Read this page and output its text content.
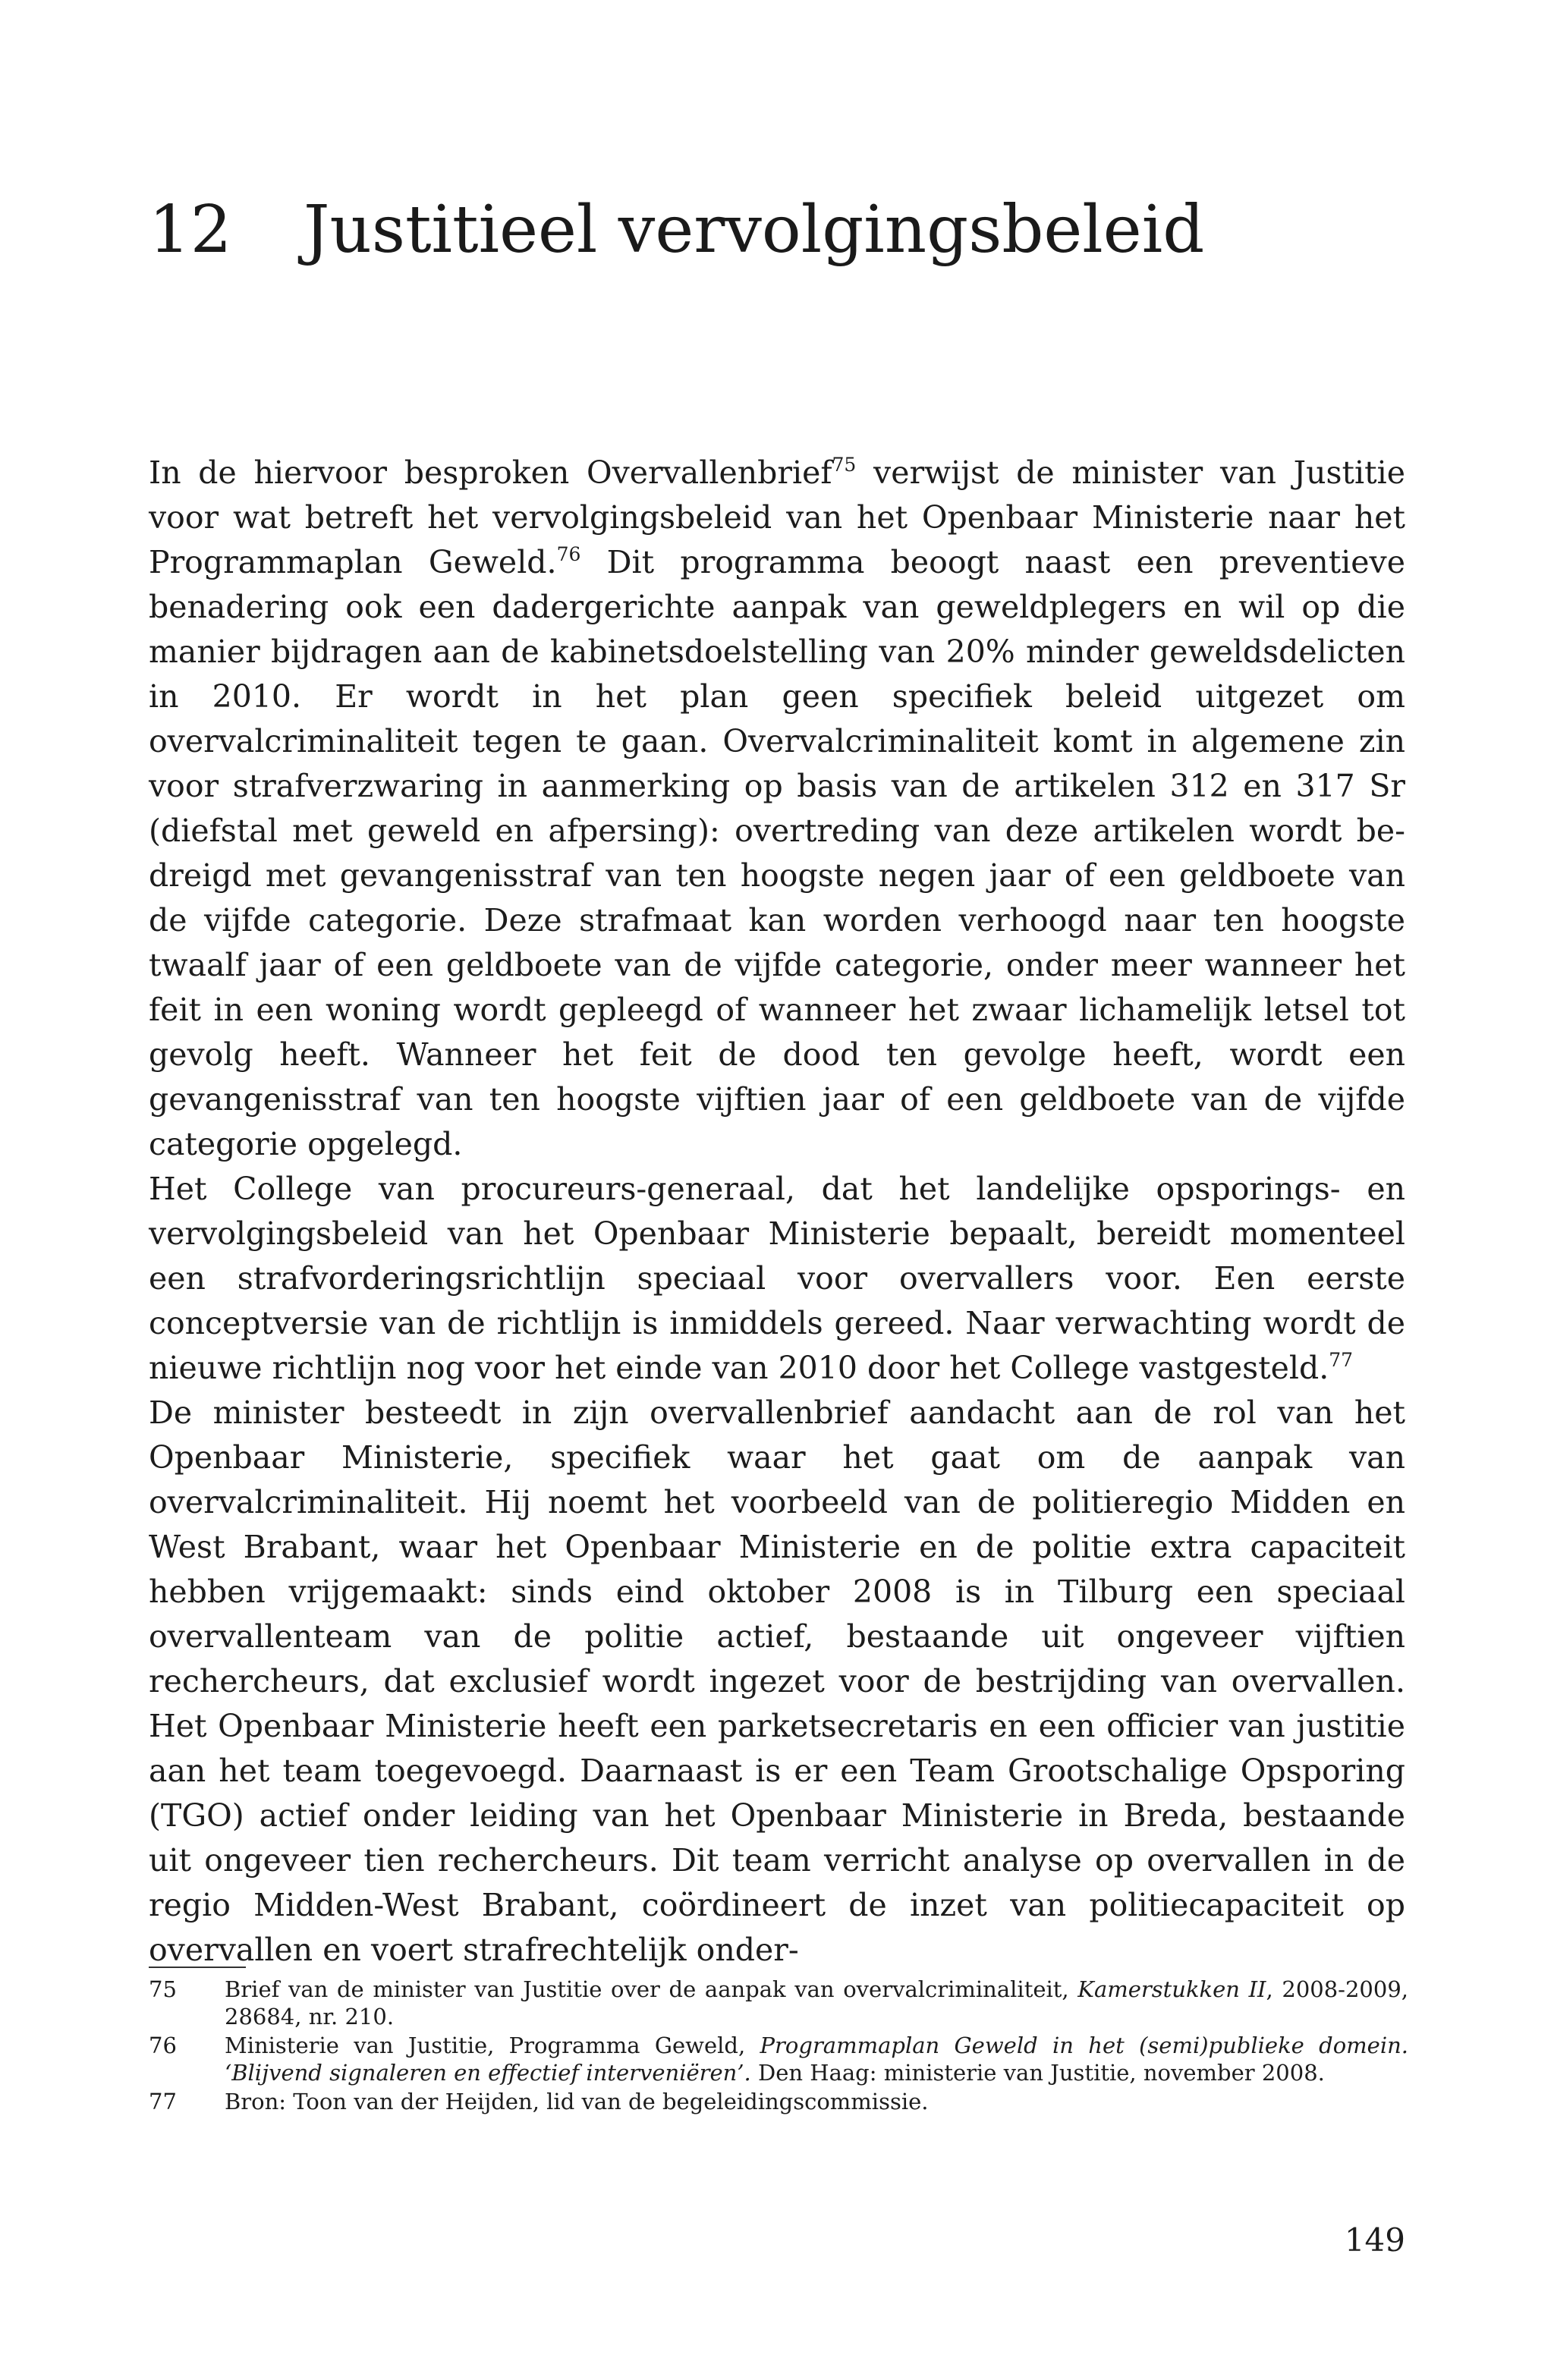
12 Justitieel vervolgingsbeleid

In de hiervoor besproken Overvallenbrief$^{75}$ verwijst de minister van Justitie voor wat betreft het vervolgingsbeleid van het Openbaar Ministerie naar het Programmaplan Geweld.$^{76}$ Dit programma beoogt naast een preventieve benadering ook een dadergerichte aanpak van geweldplegers en wil op die manier bijdragen aan de kabinetsdoelstelling van 20% minder geweldsdelicten in 2010. Er wordt in het plan geen specifiek beleid uitgezet om overvalcriminaliteit tegen te gaan. Overvalcriminaliteit komt in algemene zin voor strafverzwaring in aanmerking op basis van de artikelen 312 en 317 Sr (diefstal met geweld en afpersing): overtreding van deze artikelen wordt bedreigd met gevangenisstraf van ten hoogste negen jaar of een geldboete van de vijfde categorie. Deze strafmaat kan worden verhoogd naar ten hoogste twaalf jaar of een geldboete van de vijfde categorie, onder meer wanneer het feit in een woning wordt gepleegd of wanneer het zwaar lichamelijk letsel tot gevolg heeft. Wanneer het feit de dood ten gevolge heeft, wordt een gevangenisstraf van ten hoogste vijftien jaar of een geldboete van de vijfde categorie opgelegd.

Het College van procureurs-generaal, dat het landelijke opsporings- en vervolgingsbeleid van het Openbaar Ministerie bepaalt, bereidt momenteel een strafvorderingsrichtlijn speciaal voor overvallers voor. Een eerste conceptversie van de richtlijn is inmiddels gereed. Naar verwachting wordt de nieuwe richtlijn nog voor het einde van 2010 door het College vastgesteld.$^{77}$

De minister besteedt in zijn overvallenbrief aandacht aan de rol van het Openbaar Ministerie, specifiek waar het gaat om de aanpak van overvalcriminaliteit. Hij noemt het voorbeeld van de politieregio Midden en West Brabant, waar het Openbaar Ministerie en de politie extra capaciteit hebben vrijgemaakt: sinds eind oktober 2008 is in Tilburg een speciaal overvallenteam van de politie actief, bestaande uit ongeveer vijftien rechercheurs, dat exclusief wordt ingezet voor de bestrijding van overvallen. Het Openbaar Ministerie heeft een parketsecretaris en een officier van justitie aan het team toegevoegd. Daarnaast is er een Team Grootschalige Opsporing (TGO) actief onder leiding van het Openbaar Ministerie in Breda, bestaande uit ongeveer tien rechercheurs. Dit team verricht analyse op overvallen in de regio Midden-West Brabant, coördineert de inzet van politiecapaciteit op overvallen en voert strafrechtelijk onder-

75	Brief van de minister van Justitie over de aanpak van overvalcriminaliteit, Kamerstukken II, 2008-2009, 28684, nr. 210.
76	Ministerie van Justitie, Programma Geweld, Programmaplan Geweld in het (semi)publieke domein. ‘Blijvend signaleren en effectief interveniëren’. Den Haag: ministerie van Justitie, november 2008.
77	Bron: Toon van der Heijden, lid van de begeleidingscommissie.
149
